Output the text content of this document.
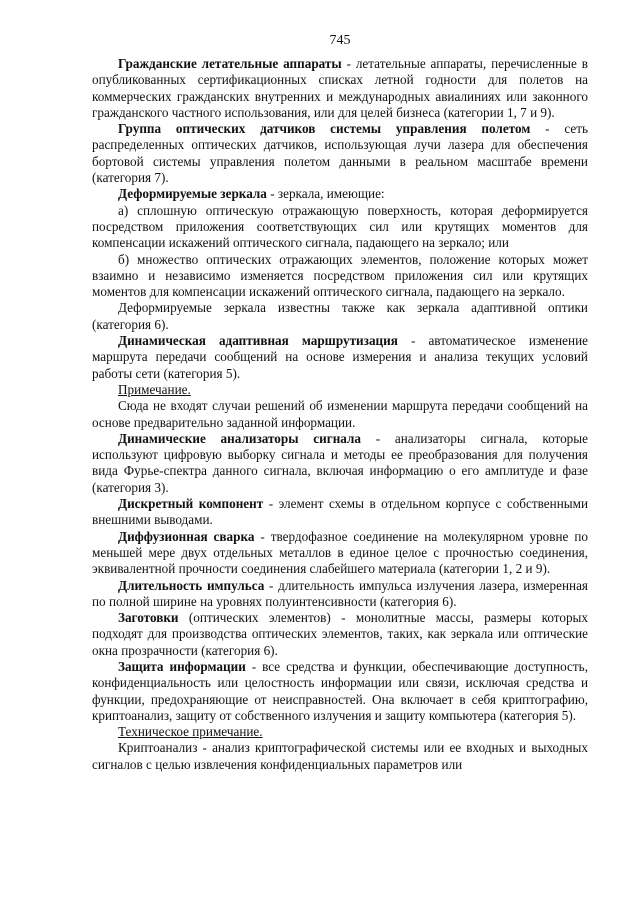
745

Гражданские летательные аппараты - летательные аппараты, перечисленные в опубликованных сертификационных списках летной годности для полетов на коммерческих гражданских внутренних и международных авиалиниях или законного гражданского частного использования, или для целей бизнеса (категории 1, 7 и 9).

Группа оптических датчиков системы управления полетом - сеть распределенных оптических датчиков, использующая лучи лазера для обеспечения бортовой системы управления полетом данными в реальном масштабе времени (категория 7).

Деформируемые зеркала - зеркала, имеющие:

а) сплошную оптическую отражающую поверхность, которая деформируется посредством приложения соответствующих сил или крутящих моментов для компенсации искажений оптического сигнала, падающего на зеркало; или

б) множество оптических отражающих элементов, положение которых может взаимно и независимо изменяется посредством приложения сил или крутящих моментов для компенсации искажений оптического сигнала, падающего на зеркало.

Деформируемые зеркала известны также как зеркала адаптивной оптики (категория 6).

Динамическая адаптивная маршрутизация - автоматическое изменение маршрута передачи сообщений на основе измерения и анализа текущих условий работы сети (категория 5).

Примечание.

Сюда не входят случаи решений об изменении маршрута передачи сообщений на основе предварительно заданной информации.

Динамические анализаторы сигнала - анализаторы сигнала, которые используют цифровую выборку сигнала и методы ее преобразования для получения вида Фурье-спектра данного сигнала, включая информацию о его амплитуде и фазе (категория 3).

Дискретный компонент - элемент схемы в отдельном корпусе с собственными внешними выводами.

Диффузионная сварка - твердофазное соединение на молекулярном уровне по меньшей мере двух отдельных металлов в единое целое с прочностью соединения, эквивалентной прочности соединения слабейшего материала (категории 1, 2 и 9).

Длительность импульса - длительность импульса излучения лазера, измеренная по полной ширине на уровнях полуинтенсивности (категория 6).

Заготовки (оптических элементов) - монолитные массы, размеры которых подходят для производства оптических элементов, таких, как зеркала или оптические окна прозрачности (категория 6).

Защита информации - все средства и функции, обеспечивающие доступность, конфиденциальность или целостность информации или связи, исключая средства и функции, предохраняющие от неисправностей. Она включает в себя криптографию, криптоанализ, защиту от собственного излучения и защиту компьютера (категория 5).

Техническое примечание.

Криптоанализ - анализ криптографической системы или ее входных и выходных сигналов с целью извлечения конфиденциальных параметров или
